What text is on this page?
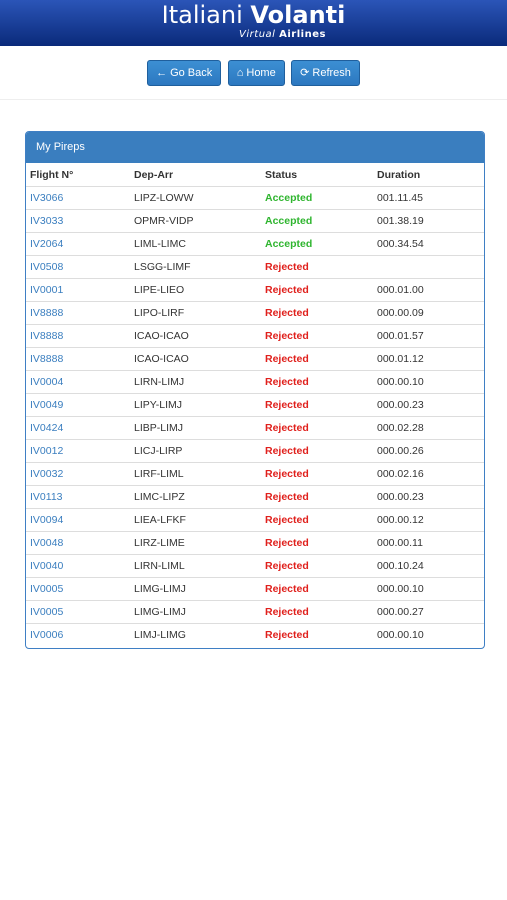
Italiani Volanti
Virtual Airlines
← Go Back ⌂ Home ⟳ Refresh
My Pireps
Flight N°	Dep-Arr	Status	Duration
IV3066	LIPZ-LOWW	Accepted	001.11.45
IV3033	OPMR-VIDP	Accepted	001.38.19
IV2064	LIML-LIMC	Accepted	000.34.54
IV0508	LSGG-LIMF	Rejected	
IV0001	LIPE-LIEO	Rejected	000.01.00
IV8888	LIPO-LIRF	Rejected	000.00.09
IV8888	ICAO-ICAO	Rejected	000.01.57
IV8888	ICAO-ICAO	Rejected	000.01.12
IV0004	LIRN-LIMJ	Rejected	000.00.10
IV0049	LIPY-LIMJ	Rejected	000.00.23
IV0424	LIBP-LIMJ	Rejected	000.02.28
IV0012	LICJ-LIRP	Rejected	000.00.26
IV0032	LIRF-LIML	Rejected	000.02.16
IV0113	LIMC-LIPZ	Rejected	000.00.23
IV0094	LIEA-LFKF	Rejected	000.00.12
IV0048	LIRZ-LIME	Rejected	000.00.11
IV0040	LIRN-LIML	Rejected	000.10.24
IV0005	LIMG-LIMJ	Rejected	000.00.10
IV0005	LIMG-LIMJ	Rejected	000.00.27
IV0006	LIMJ-LIMG	Rejected	000.00.10
